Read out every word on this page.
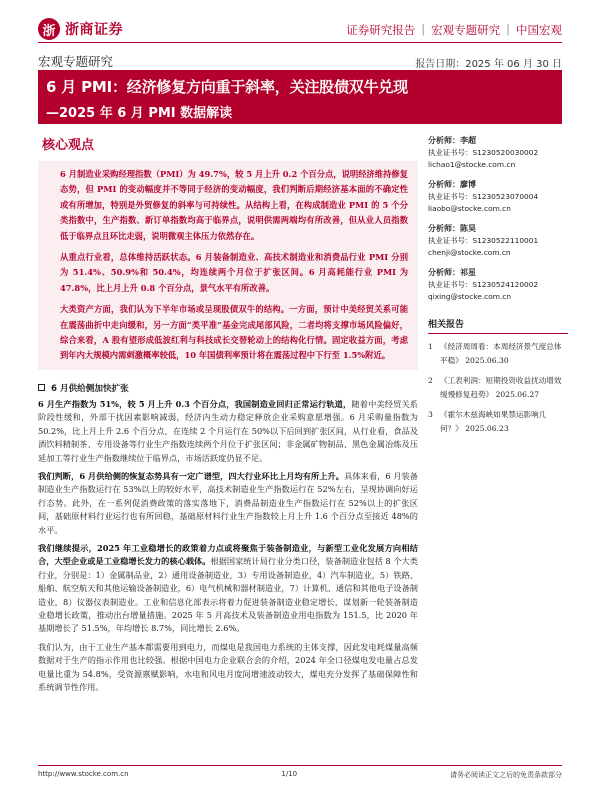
浙 浙商证券	证券研究报告 | 宏观专题研究 | 中国宏观
宏观专题研究	报告日期：2025 年 06 月 30 日
6 月 PMI：经济修复方向重于斜率，关注股债双牛兑现
—2025 年 6 月 PMI 数据解读
核心观点

6 月制造业采购经理指数（PMI）为 49.7%，较 5 月上升 0.2 个百分点，说明经济维持修复态势，但 PMI 的变动幅度并不等同于经济的变动幅度，我们判断后期经济基本面的不确定性或有所增加，特别是外贸修复的斜率与可持续性。从结构上看，在构成制造业 PMI 的 5 个分类指数中，生产指数、新订单指数均高于临界点，说明供需两端均有所改善，但从业人员指数低于临界点且环比走弱，说明微观主体压力依然存在。

从重点行业看，总体维持活跃状态。6 月装备制造业、高技术制造业和消费品行业 PMI 分别为 51.4%、50.9%和 50.4%，均连续两个月位于扩张区间。6 月高耗能行业 PMI 为 47.8%，比上月上升 0.8 个百分点，景气水平有所改善。

大类资产方面，我们认为下半年市场或呈现股债双牛的结构。一方面，预计中美经贸关系可能在震荡曲折中走向缓和，另一方面“类平准”基金完成尾部风险，二者均将支撑市场风险偏好，综合来看，A 股有望形成低波红利与科技成长交替轮动上的结构化行情。固定收益方面，考虑到年内大规模内需刺激概率较低，10 年国债利率预计将在震荡过程中下行至 1.5%附近。

6 月供给侧加快扩张

6 月生产指数为 51%，较 5 月上升 0.3 个百分点，我国制造业回归正常运行轨道，随着中美经贸关系阶段性缓和，外部干扰因素影响减弱，经济内生动力稳定释放企业采购意愿增强。6 月采购量指数为 50.2%，比上月上升 2.6 个百分点，在连续 2 个月运行在 50%以下后回到扩张区间，从行业看，食品及酒饮料精制茶、专用设备等行业生产指数连续两个月位于扩张区间；非金属矿物制品、黑色金属冶炼及压延加工等行业生产指数继续位于临界点，市场活跃度仍显不足。

我们判断，6 月供给侧的恢复态势具有一定广谱型，四大行业环比上月均有所上升。具体来看，6 月装备制造业生产指数运行在 53%以上的较好水平，高技术制造业生产指数运行在 52%左右，呈现协调向好运行态势。此外，在一系列促消费政策的落实落地下，消费品制造业生产指数运行在 52%以上的扩张区间，基础原材料行业运行也有所回稳，基础原材料行业生产指数较上月上升 1.6 个百分点至接近 48%的水平。

我们继续提示，2025 年工业稳增长的政策着力点或将聚焦于装备制造业，与新型工业化发展方向相结合，大型企业或是工业稳增长发力的核心载体。根据国家统计局行业分类口径，装备制造业包括 8 个大类行业，分别是：1）金属制品业，2）通用设备制造业，3）专用设备制造业，4）汽车制造业，5）铁路、船舶、航空航天和其他运输设备制造业，6）电气机械和器材制造业，7）计算机、通信和其他电子设备制造业，8）仪器仪表制造业。工业和信息化部表示将着力促进装备制造业稳定增长，谋划新一轮装备制造业稳增长政策，推动出台增量措施。2025 年 5 月高技术及装备制造业用电指数为 151.5，比 2020 年基期增长了 51.5%，年均增长 8.7%，同比增长 2.6%。

我们认为，由于工业生产基本都需要用到电力，而煤电是我国电力系统的主体支撑，因此发电耗煤量高频数据对于生产的指示作用也比较强。根据中国电力企业联合会的介绍，2024 年全口径煤电发电量占总发电量比重为 54.8%，受资源禀赋影响，水电和风电月度间增速波动较大，煤电充分发挥了基础保障性和系统调节性作用。

分析师：李超
执业证书号：S1230520030002
lichao1@stocke.com.cn
分析师：廖博
执业证书号：S1230523070004
liaobo@stocke.com.cn
分析师：陈昊
执业证书号：S1230522110001
chenji@stocke.com.cn
分析师：祁星
执业证书号：S1230524120002
qixing@stocke.com.cn
相关报告
1 《经济周周看：本周经济景气度总体平稳》 2025.06.30
2 《工表利润：短期投资收益扰动增效缓慢修复趋势》 2025.06.27
3 《霍尔木兹海峡如果禁运影响几何？》 2025.06.23
http://www.stocke.com.cn	1/10	请务必阅读正文之后的免责条款部分
